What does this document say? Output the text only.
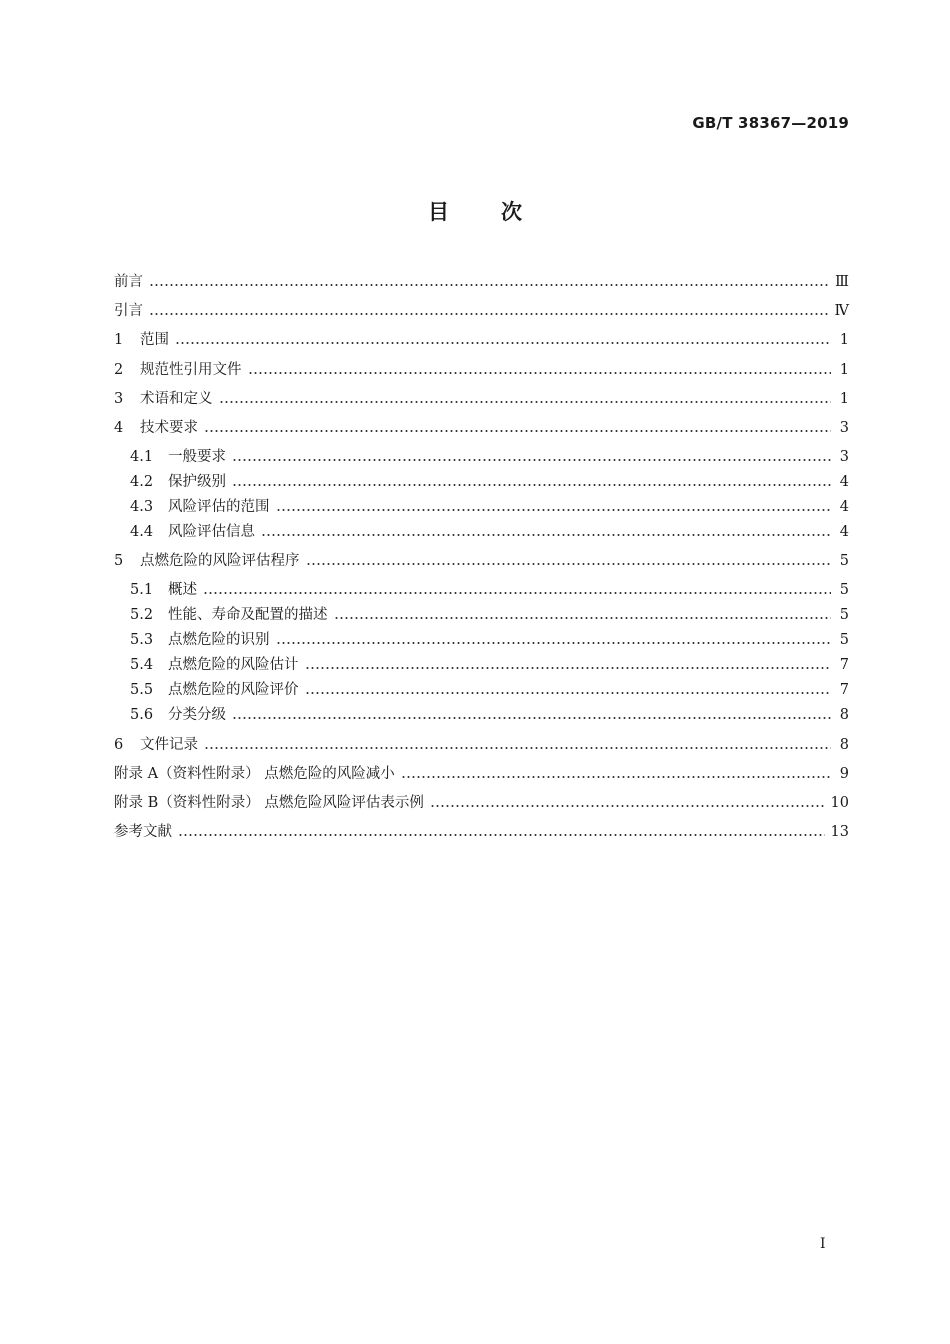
GB/T 38367—2019
目 次
前言	Ⅲ
引言	Ⅳ
1	范围	1
2	规范性引用文件	1
3	术语和定义	1
4	技术要求	3
4.1	一般要求	3
4.2	保护级别	4
4.3	风险评估的范围	4
4.4	风险评估信息	4
5	点燃危险的风险评估程序	5
5.1	概述	5
5.2	性能、寿命及配置的描述	5
5.3	点燃危险的识别	5
5.4	点燃危险的风险估计	7
5.5	点燃危险的风险评价	7
5.6	分类分级	8
6	文件记录	8
附录 A（资料性附录） 点燃危险的风险减小	9
附录 B（资料性附录） 点燃危险风险评估表示例	10
参考文献	13
Ⅰ
